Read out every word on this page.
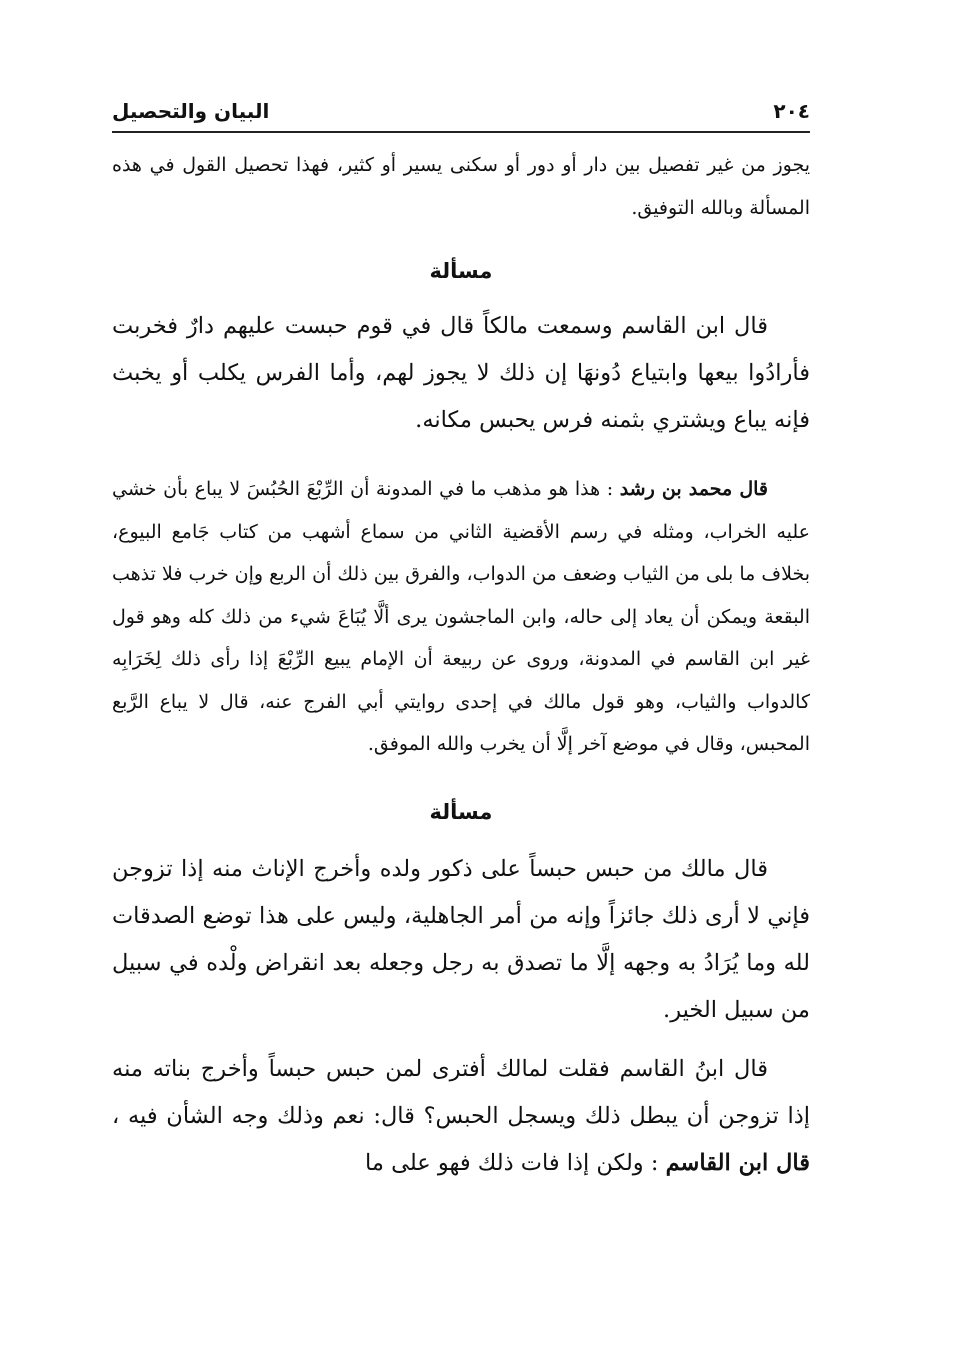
٢٠٤
البيان والتحصيل

يجوز من غير تفصيل بين دار أو دور أو سكنى يسير أو كثير، فهذا تحصيل القول في هذه المسألة وبالله التوفيق.

مسألة

قال ابن القاسم وسمعت مالكاً قال في قوم حبست عليهم دارٌ فخربت فأرادُوا بيعها وابتياع دُونهَا إن ذلك لا يجوز لهم، وأما الفرس يكلب أو يخبث فإنه يباع ويشتري بثمنه فرس يحبس مكانه.

قال محمد بن رشد : هذا هو مذهب ما في المدونة أن الرِّبْعَ الحُبُسَ لا يباع بأن خشي عليه الخراب، ومثله في رسم الأقضية الثاني من سماع أشهب من كتاب جَامع البيوع، بخلاف ما بلى من الثياب وضعف من الدواب، والفرق بين ذلك أن الربع وإن خرب فلا تذهب البقعة ويمكن أن يعاد إلى حاله، وابن الماجشون يرى ألَّا يُبَاعَ شيء من ذلك كله وهو قول غير ابن القاسم في المدونة، وروى عن ربيعة أن الإمام يبيع الرِّبْعَ إذا رأى ذلك لِخَرَابِه كالدواب والثياب، وهو قول مالك في إحدى روايتي أبي الفرج عنه، قال لا يباع الرَّبع المحبس، وقال في موضع آخر إلَّا أن يخرب والله الموفق.

مسألة

قال مالك من حبس حبساً على ذكور ولده وأخرج الإناث منه إذا تزوجن فإني لا أرى ذلك جائزاً وإنه من أمر الجاهلية، وليس على هذا توضع الصدقات لله وما يُرَادُ به وجهه إلَّا ما تصدق به رجل وجعله بعد انقراض ولْده في سبيل من سبيل الخير.

قال ابنُ القاسم فقلت لمالك أفترى لمن حبس حبساً وأخرج بناته منه إذا تزوجن أن يبطل ذلك ويسجل الحبس؟ قال: نعم وذلك وجه الشأن فيه ، قال ابن القاسم : ولكن إذا فات ذلك فهو على ما
